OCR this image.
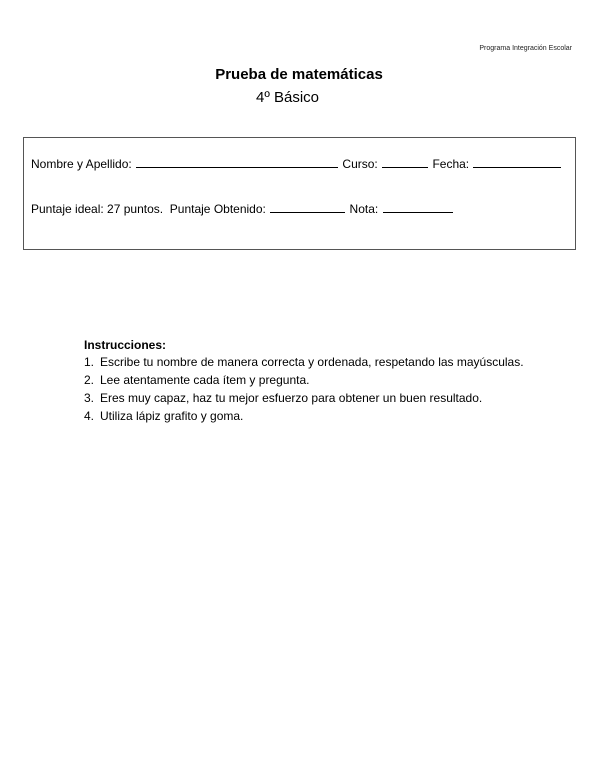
Programa Integración Escolar
Prueba de matemáticas
4º Básico
Nombre y Apellido:	Curso:	Fecha:
Puntaje ideal: 27 puntos. Puntaje Obtenido:	Nota:
Instrucciones:
1. Escribe tu nombre de manera correcta y ordenada, respetando las mayúsculas.
2. Lee atentamente cada ítem y pregunta.
3. Eres muy capaz, haz tu mejor esfuerzo para obtener un buen resultado.
4. Utiliza lápiz grafito y goma.
